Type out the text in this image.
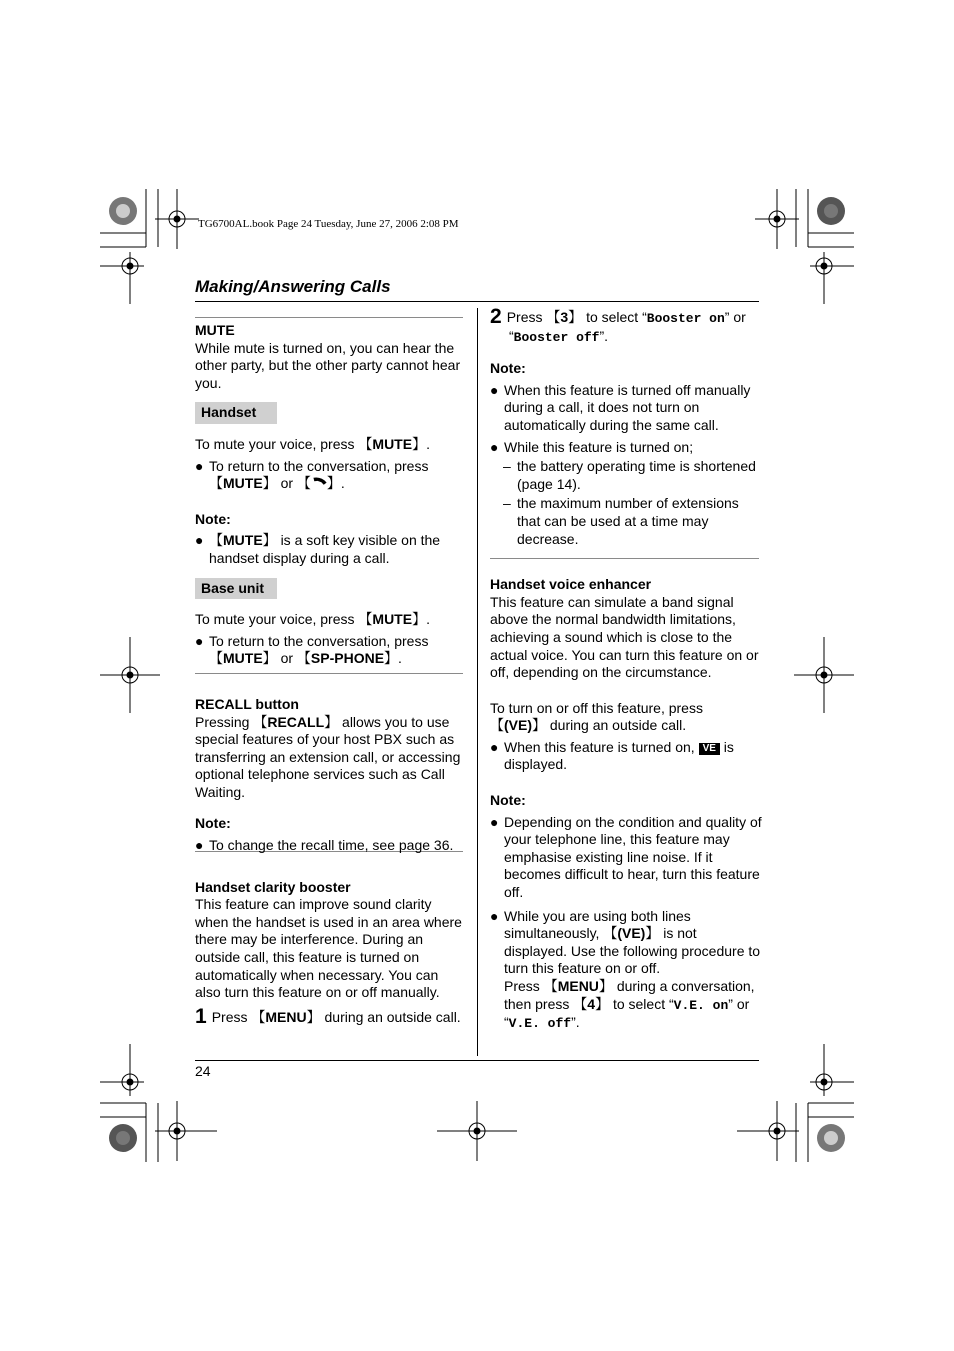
TG6700AL.book Page 24 Tuesday, June 27, 2006 2:08 PM
Making/Answering Calls

MUTE

While mute is turned on, you can hear the other party, but the other party cannot hear you.

Handset

To mute your voice, press 【 MUTE 】 .

● To return to the conversation, press 【 MUTE 】 or 【  】	.

Note:

● 【 MUTE 】 is a soft key visible on the handset display during a call.

Base unit

To mute your voice, press 【 MUTE 】 .

● To return to the conversation, press 【 MUTE 】 or 【 SP-PHONE 】 .

RECALL button

Pressing 【 RECALL 】 allows you to use special features of your host PBX such as transferring an extension call, or accessing optional telephone services such as Call Waiting.

Note:

● To change the recall time, see page 36.

Handset clarity booster

This feature can improve sound clarity when the handset is used in an area where there may be interference. During an outside call, this feature is turned on automatically when necessary. You can also turn this feature on or off manually.

1 Press 【 MENU 】 during an outside call.

2 Press 【 3 】 to select “Booster on” or “Booster off”.

Note:

● When this feature is turned off manually during a call, it does not turn on automatically during the same call.

● While this feature is turned on;

– the battery operating time is shortened (page 14).

– the maximum number of extensions that can be used at a time may decrease.

Handset voice enhancer

This feature can simulate a band signal above the normal bandwidth limitations, achieving a sound which is close to the actual voice. You can turn this feature on or off, depending on the circumstance.

To turn on or off this feature, press 【 (VE) 】 during an outside call.

● When this feature is turned on, VE is displayed.

Note:

● Depending on the condition and quality of your telephone line, this feature may emphasise existing line noise. If it becomes difficult to hear, turn this feature off.

● While you are using both lines simultaneously, 【 (VE) 】 is not displayed. Use the following procedure to turn this feature on or off.
Press 【 MENU 】 during a conversation, then press 【 4 】 to select “V.E. on” or “V.E. off”.

24
